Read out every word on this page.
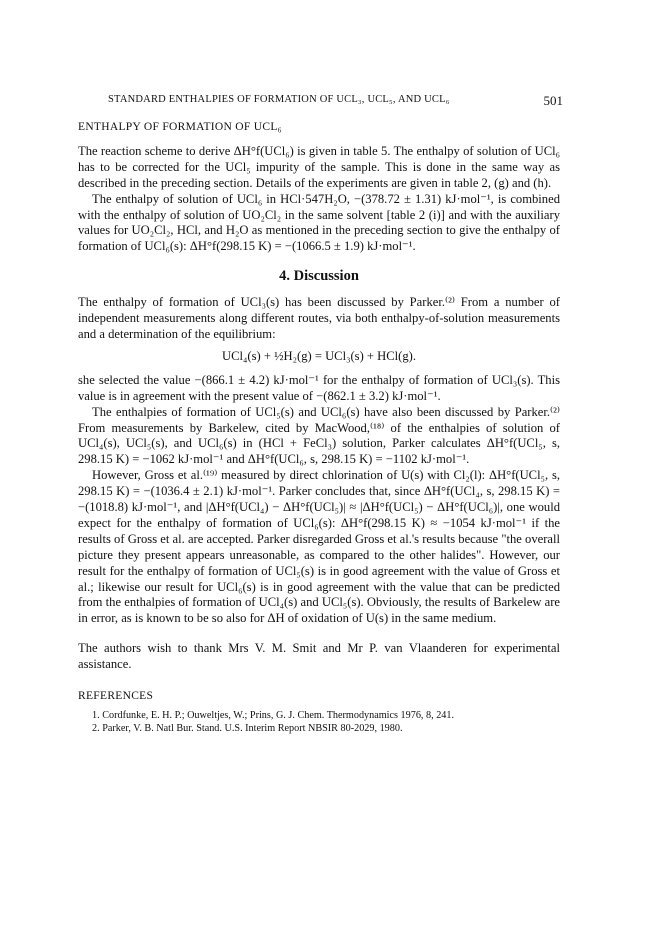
STANDARD ENTHALPIES OF FORMATION OF UCL₃, UCL₅, AND UCL₆	501
ENTHALPY OF FORMATION OF UCL₆

The reaction scheme to derive ΔH°f(UCl₆) is given in table 5. The enthalpy of solution of UCl₆ has to be corrected for the UCl₅ impurity of the sample. This is done in the same way as described in the preceding section. Details of the experiments are given in table 2, (g) and (h).

The enthalpy of solution of UCl₆ in HCl·547H₂O, −(378.72 ± 1.31) kJ·mol⁻¹, is combined with the enthalpy of solution of UO₂Cl₂ in the same solvent [table 2 (i)] and with the auxiliary values for UO₂Cl₂, HCl, and H₂O as mentioned in the preceding section to give the enthalpy of formation of UCl₆(s): ΔH°f(298.15 K) = −(1066.5 ± 1.9) kJ·mol⁻¹.

4. Discussion

The enthalpy of formation of UCl₃(s) has been discussed by Parker.⁽²⁾ From a number of independent measurements along different routes, via both enthalpy-of-solution measurements and a determination of the equilibrium:

UCl₄(s) + ½H₂(g) = UCl₃(s) + HCl(g).

she selected the value −(866.1 ± 4.2) kJ·mol⁻¹ for the enthalpy of formation of UCl₃(s). This value is in agreement with the present value of −(862.1 ± 3.2) kJ·mol⁻¹.

The enthalpies of formation of UCl₅(s) and UCl₆(s) have also been discussed by Parker.⁽²⁾ From measurements by Barkelew, cited by MacWood,⁽¹⁸⁾ of the enthalpies of solution of UCl₄(s), UCl₅(s), and UCl₆(s) in (HCl + FeCl₃) solution, Parker calculates ΔH°f(UCl₅, s, 298.15 K) = −1062 kJ·mol⁻¹ and ΔH°f(UCl₆, s, 298.15 K) = −1102 kJ·mol⁻¹.

However, Gross et al.⁽¹⁹⁾ measured by direct chlorination of U(s) with Cl₂(l): ΔH°f(UCl₅, s, 298.15 K) = −(1036.4 ± 2.1) kJ·mol⁻¹. Parker concludes that, since ΔH°f(UCl₄, s, 298.15 K) = −(1018.8) kJ·mol⁻¹, and |ΔH°f(UCl₄) − ΔH°f(UCl₅)| ≈ |ΔH°f(UCl₅) − ΔH°f(UCl₆)|, one would expect for the enthalpy of formation of UCl₆(s): ΔH°f(298.15 K) ≈ −1054 kJ·mol⁻¹ if the results of Gross et al. are accepted. Parker disregarded Gross et al.'s results because "the overall picture they present appears unreasonable, as compared to the other halides". However, our result for the enthalpy of formation of UCl₅(s) is in good agreement with the value of Gross et al.; likewise our result for UCl₆(s) is in good agreement with the value that can be predicted from the enthalpies of formation of UCl₄(s) and UCl₅(s). Obviously, the results of Barkelew are in error, as is known to be so also for ΔH of oxidation of U(s) in the same medium.

The authors wish to thank Mrs V. M. Smit and Mr P. van Vlaanderen for experimental assistance.

REFERENCES
1. Cordfunke, E. H. P.; Ouweltjes, W.; Prins, G. J. Chem. Thermodynamics 1976, 8, 241.
2. Parker, V. B. Natl Bur. Stand. U.S. Interim Report NBSIR 80-2029, 1980.
